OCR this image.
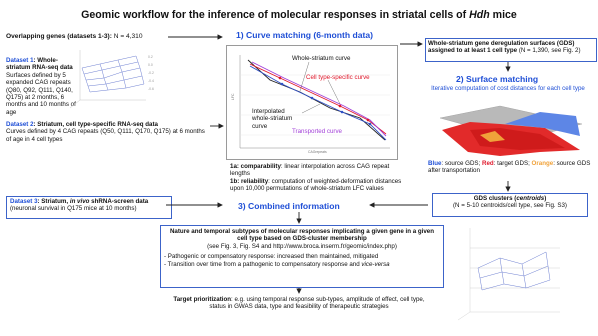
Geomic workflow for the inference of molecular responses in striatal cells of Hdh mice
Overlapping genes (datasets 1-3): N = 4,310
Dataset 1: Whole-striatum RNA-seq data
Surfaces defined by 5 expanded CAG repeats (Q80, Q92, Q111, Q140, Q175) at 2 months, 6 months and 10 months of age
0.2
0.0
-0.2
-0.4
-0.6
Dataset 2: Striatum, cell type-specific RNA-seq data
Curves defined by 4 CAG repeats (Q50, Q111, Q170, Q175) at 6 months of age in 4 cell types
Dataset 3: Striatum, in vivo shRNA-screen data
(neuronal survival in Q175 mice at 10 months)
1) Curve matching (6-month data)
LFC
CAGrepeats
Whole-striatum curve
Cell type-specific curve
Interpolated whole-striatum curve
Transported curve
1a: comparability: linear interpolation across CAG repeat lengths
1b: reliability: computation of weighted-deformation distances upon 10,000 permutations of whole-striatum LFC values
Whole-striatum gene deregulation surfaces (GDS) assigned to at least 1 cell type (N = 1,390, see Fig. 2)
2) Surface matching
Iterative computation of cost distances for each cell type
Blue: source GDS; Red: target GDS; Orange: source GDS after transportation
GDS clusters (centroids)
(N = 5-10 centroids/cell type, see Fig. S3)
3) Combined information
Nature and temporal subtypes of molecular responses implicating a given gene in a given cell type based on GDS-cluster membership
(see Fig. 3, Fig. S4 and http://www.broca.inserm.fr/geomic/index.php)
- Pathogenic or compensatory response: increased then maintained, mitigated
- Transition over time from a pathogenic to compensatory response and vice-versa
Target prioritization: e.g. using temporal response sub-types, amplitude of effect, cell type, status in GWAS data, type and feasibility of therapeutic strategies
